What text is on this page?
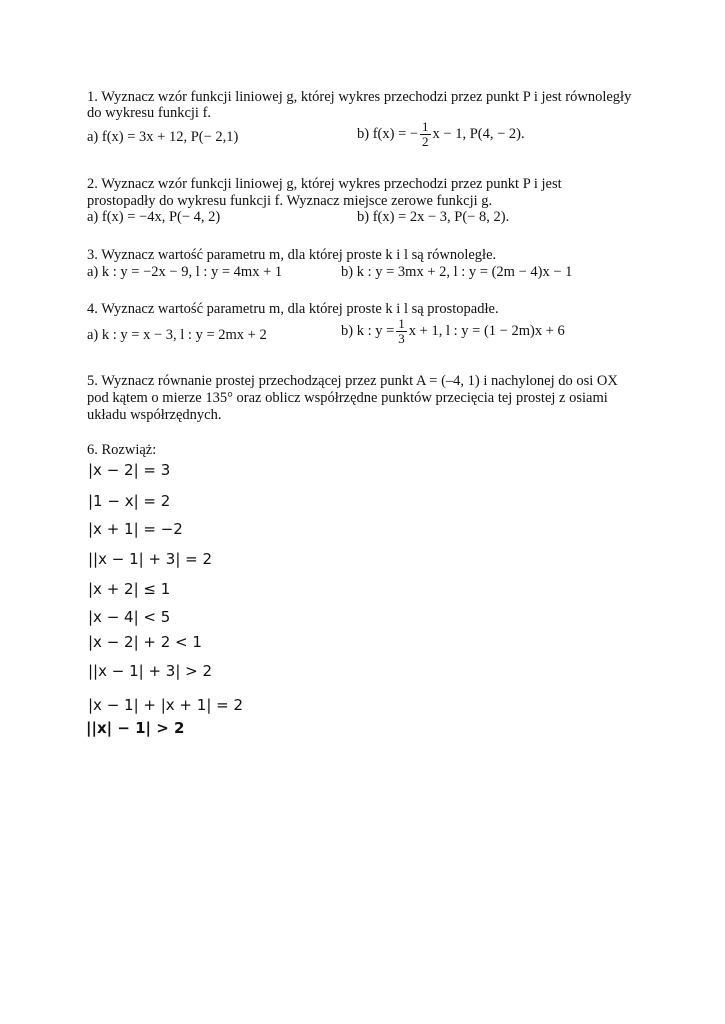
1. Wyznacz wzór funkcji liniowej g, której wykres przechodzi przez punkt P i jest równoległy
do wykresu funkcji f.
a) f(x) = 3x + 12, P(− 2,1)	b) f(x) = − $\frac{1}{2}$ x − 1, P(4, − 2).
2. Wyznacz wzór funkcji liniowej g, której wykres przechodzi przez punkt P i jest
prostopadły do wykresu funkcji f. Wyznacz miejsce zerowe funkcji g.
a) f(x) = −4x, P(− 4, 2)	b) f(x) = 2x − 3, P(− 8, 2).
3. Wyznacz wartość parametru m, dla której proste k i l są równoległe.
a) k : y = −2x − 9, l : y = 4mx + 1	b) k : y = 3mx + 2, l : y = (2m − 4)x − 1
4. Wyznacz wartość parametru m, dla której proste k i l są prostopadłe.
a) k : y = x − 3, l : y = 2mx + 2	b) k : $y = \frac{1}{3}$ x + 1, l : y = (1 − 2m)x + 6
5. Wyznacz równanie prostej przechodzącej przez punkt A = (–4, 1) i nachylonej do osi OX
pod kątem o mierze 135° oraz oblicz współrzędne punktów przecięcia tej prostej z osiami
układu współrzędnych.
6. Rozwiąż:
|x − 2| = 3
|1 − x| = 2
|x + 1| = −2
||x − 1| + 3| = 2
|x + 2| ≤ 1
|x − 4| < 5
|x − 2| + 2 < 1
||x − 1| + 3| > 2
|x − 1| + |x + 1| = 2
||x| − 1| > 2
